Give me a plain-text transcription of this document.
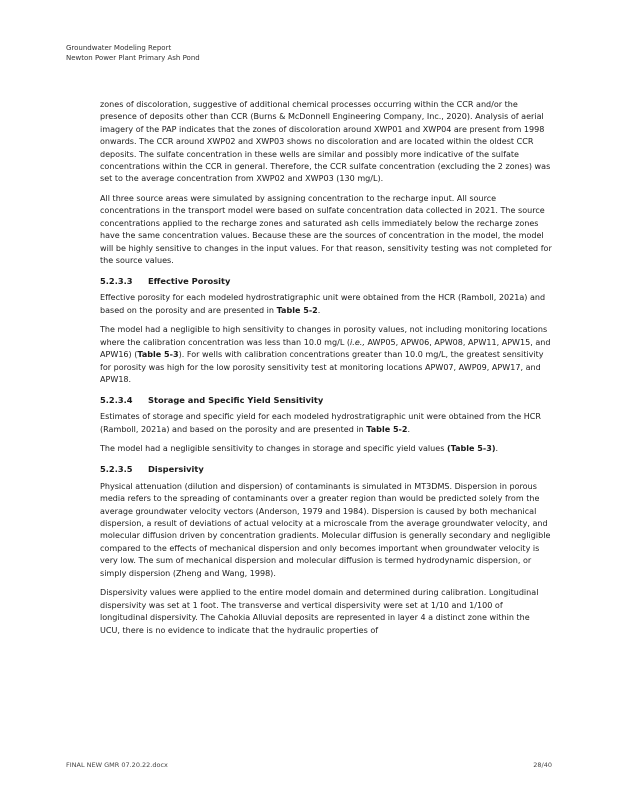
Groundwater Modeling Report
Newton Power Plant Primary Ash Pond

zones of discoloration, suggestive of additional chemical processes occurring within the CCR and/or the presence of deposits other than CCR (Burns & McDonnell Engineering Company, Inc., 2020). Analysis of aerial imagery of the PAP indicates that the zones of discoloration around XWP01 and XWP04 are present from 1998 onwards. The CCR around XWP02 and XWP03 shows no discoloration and are located within the oldest CCR deposits. The sulfate concentration in these wells are similar and possibly more indicative of the sulfate concentrations within the CCR in general. Therefore, the CCR sulfate concentration (excluding the 2 zones) was set to the average concentration from XWP02 and XWP03 (130 mg/L).

All three source areas were simulated by assigning concentration to the recharge input. All source concentrations in the transport model were based on sulfate concentration data collected in 2021. The source concentrations applied to the recharge zones and saturated ash cells immediately below the recharge zones have the same concentration values. Because these are the sources of concentration in the model, the model will be highly sensitive to changes in the input values. For that reason, sensitivity testing was not completed for the source values.

5.2.3.3 Effective Porosity

Effective porosity for each modeled hydrostratigraphic unit were obtained from the HCR (Ramboll, 2021a) and based on the porosity and are presented in Table 5-2.

The model had a negligible to high sensitivity to changes in porosity values, not including monitoring locations where the calibration concentration was less than 10.0 mg/L (i.e., AWP05, APW06, APW08, APW11, APW15, and APW16) (Table 5-3). For wells with calibration concentrations greater than 10.0 mg/L, the greatest sensitivity for porosity was high for the low porosity sensitivity test at monitoring locations APW07, AWP09, APW17, and APW18.

5.2.3.4 Storage and Specific Yield Sensitivity

Estimates of storage and specific yield for each modeled hydrostratigraphic unit were obtained from the HCR (Ramboll, 2021a) and based on the porosity and are presented in Table 5-2.

The model had a negligible sensitivity to changes in storage and specific yield values (Table 5-3).

5.2.3.5 Dispersivity

Physical attenuation (dilution and dispersion) of contaminants is simulated in MT3DMS. Dispersion in porous media refers to the spreading of contaminants over a greater region than would be predicted solely from the average groundwater velocity vectors (Anderson, 1979 and 1984). Dispersion is caused by both mechanical dispersion, a result of deviations of actual velocity at a microscale from the average groundwater velocity, and molecular diffusion driven by concentration gradients. Molecular diffusion is generally secondary and negligible compared to the effects of mechanical dispersion and only becomes important when groundwater velocity is very low. The sum of mechanical dispersion and molecular diffusion is termed hydrodynamic dispersion, or simply dispersion (Zheng and Wang, 1998).

Dispersivity values were applied to the entire model domain and determined during calibration. Longitudinal dispersivity was set at 1 foot. The transverse and vertical dispersivity were set at 1/10 and 1/100 of longitudinal dispersivity. The Cahokia Alluvial deposits are represented in layer 4 a distinct zone within the UCU, there is no evidence to indicate that the hydraulic properties of

FINAL NEW GMR 07.20.22.docx	28/40
